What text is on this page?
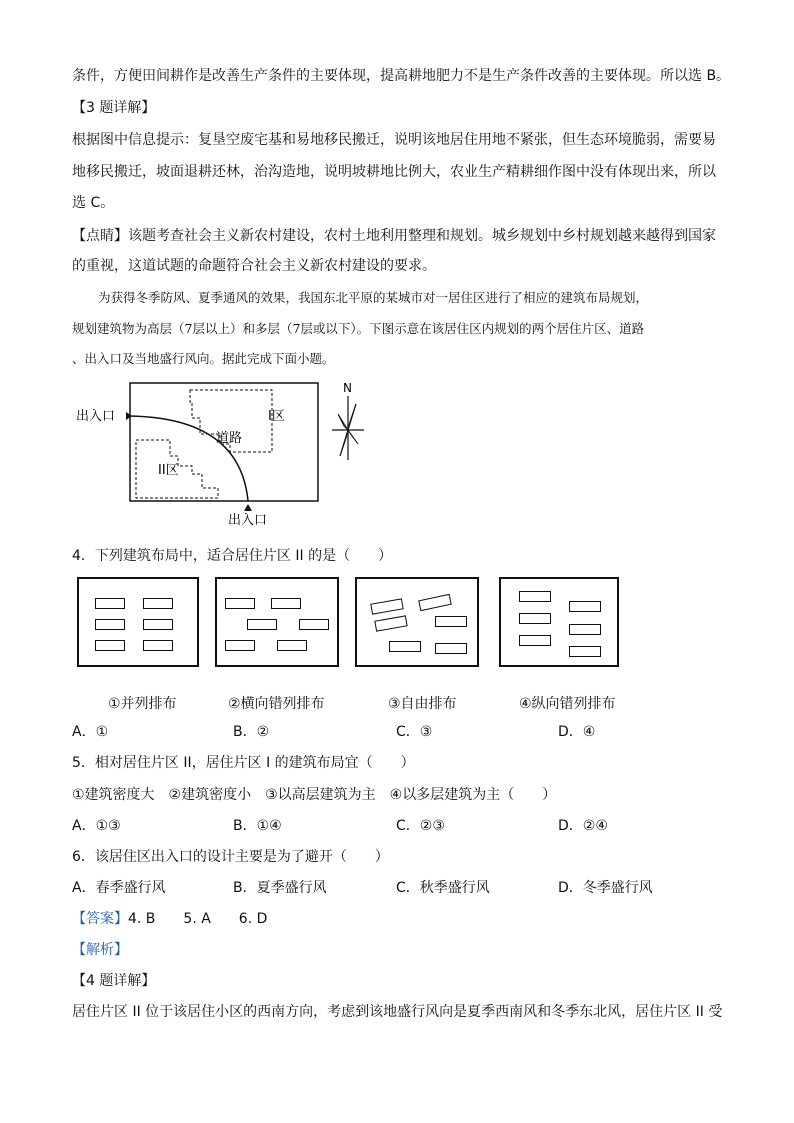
条件，方便田间耕作是改善生产条件的主要体现，提高耕地肥力不是生产条件改善的主要体现。所以选 B。
【3 题详解】
根据图中信息提示：复垦空废宅基和易地移民搬迁，说明该地居住用地不紧张，但生态环境脆弱，需要易
地移民搬迁，坡面退耕还林，治沟造地，说明坡耕地比例大，农业生产精耕细作图中没有体现出来，所以
选 C。
【点睛】该题考查社会主义新农村建设，农村土地利用整理和规划。城乡规划中乡村规划越来越得到国家
的重视，这道试题的命题符合社会主义新农村建设的要求。
为获得冬季防风、夏季通风的效果，我国东北平原的某城市对一居住区进行了相应的建筑布局规划，
规划建筑物为高层（7层以上）和多层（7层或以下）。下图示意在该居住区内规划的两个居住片区、道路
、出入口及当地盛行风向。据此完成下面小题。
出入口
出入口
道路
I区
II区
N
4．下列建筑布局中，适合居住片区 II 的是（　　）
①并列排布	②横向错列排布	③自由排布	④纵向错列排布
A．①	B．②	C．③	D．④
5．相对居住片区 II，居住片区 I 的建筑布局宜（　　）
①建筑密度大　②建筑密度小　③以高层建筑为主　④以多层建筑为主（　　）
A．①③	B．①④	C．②③	D．②④
6．该居住区出入口的设计主要是为了避开（　　）
A．春季盛行风	B．夏季盛行风	C．秋季盛行风	D．冬季盛行风
【答案】4. B　　5. A　　6. D
【解析】
【4 题详解】
居住片区 II 位于该居住小区的西南方向，考虑到该地盛行风向是夏季西南风和冬季东北风，居住片区 II 受
